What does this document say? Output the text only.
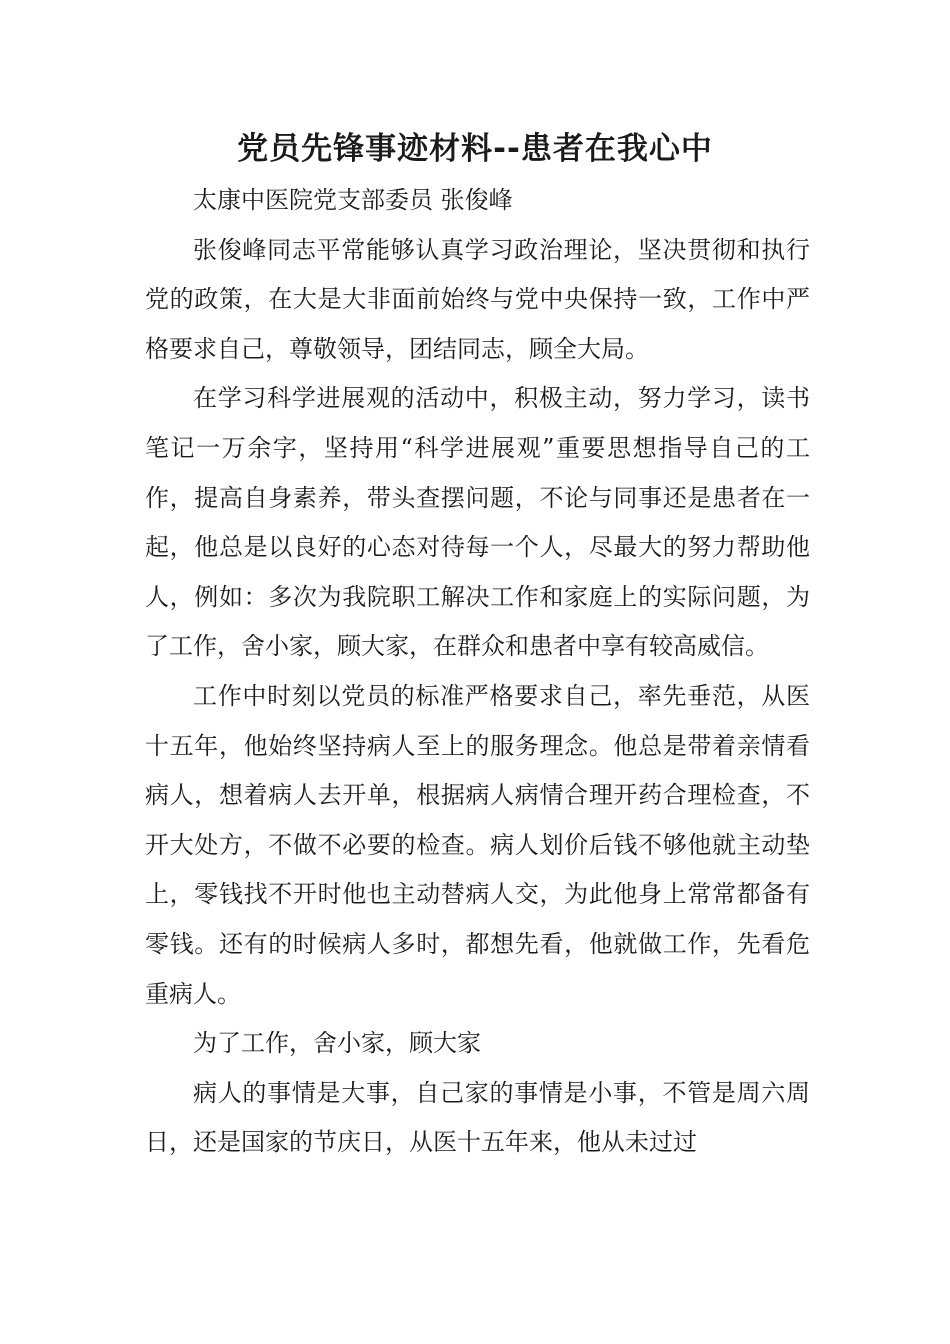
党员先锋事迹材料--患者在我心中

太康中医院党支部委员 张俊峰

张俊峰同志平常能够认真学习政治理论，坚决贯彻和执行党的政策，在大是大非面前始终与党中央保持一致，工作中严格要求自己，尊敬领导，团结同志，顾全大局。

在学习科学进展观的活动中，积极主动，努力学习，读书笔记一万余字，坚持用“科学进展观”重要思想指导自己的工作，提高自身素养，带头查摆问题，不论与同事还是患者在一起，他总是以良好的心态对待每一个人，尽最大的努力帮助他人，例如：多次为我院职工解决工作和家庭上的实际问题，为了工作，舍小家，顾大家，在群众和患者中享有较高威信。

工作中时刻以党员的标准严格要求自己，率先垂范，从医十五年，他始终坚持病人至上的服务理念。他总是带着亲情看病人，想着病人去开单，根据病人病情合理开药合理检查，不开大处方，不做不必要的检查。病人划价后钱不够他就主动垫上，零钱找不开时他也主动替病人交，为此他身上常常都备有零钱。还有的时候病人多时，都想先看，他就做工作，先看危重病人。

为了工作，舍小家，顾大家

病人的事情是大事，自己家的事情是小事，不管是周六周日，还是国家的节庆日，从医十五年来，他从未过过
